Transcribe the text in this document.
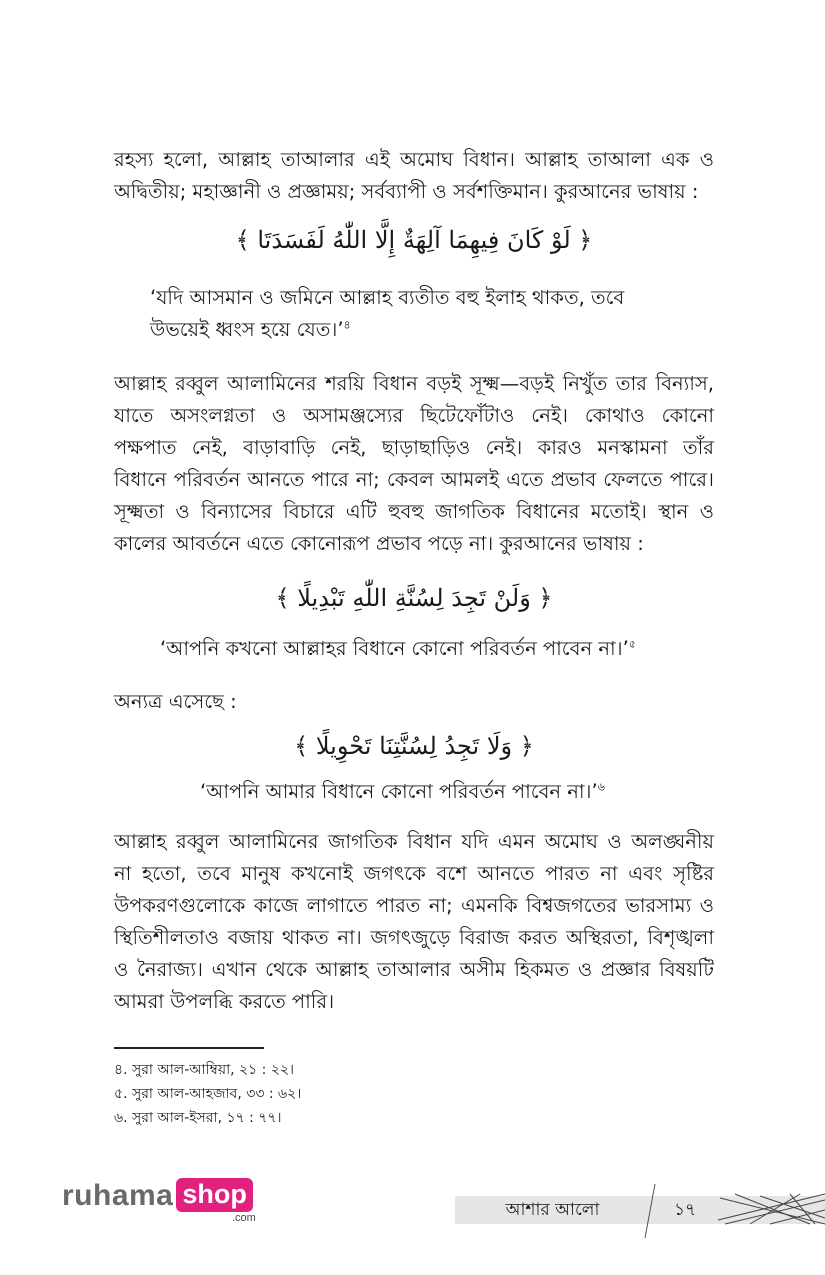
রহস্য হলো, আল্লাহ তাআলার এই অমোঘ বিধান। আল্লাহ তাআলা এক ও
অদ্বিতীয়; মহাজ্ঞানী ও প্রজ্ঞাময়; সর্বব্যাপী ও সর্বশক্তিমান। কুরআনের ভাষায় :
﴿ لَوْ كَانَ فِيهِمَا آلِهَةٌ إِلَّا اللّٰهُ لَفَسَدَتَا ﴾
‘যদি আসমান ও জমিনে আল্লাহ ব্যতীত বহু ইলাহ থাকত, তবে
উভয়েই ধ্বংস হয়ে যেত।’$^৪$
আল্লাহ রব্বুল আলামিনের শরয়ি বিধান বড়ই সূক্ষ্ম—বড়ই নিখুঁত তার বিন্যাস,
যাতে অসংলগ্নতা ও অসামঞ্জস্যের ছিটেফোঁটাও নেই। কোথাও কোনো
পক্ষপাত নেই, বাড়াবাড়ি নেই, ছাড়াছাড়িও নেই। কারও মনস্কামনা তাঁর
বিধানে পরিবর্তন আনতে পারে না; কেবল আমলই এতে প্রভাব ফেলতে পারে।
সূক্ষ্মতা ও বিন্যাসের বিচারে এটি হুবহু জাগতিক বিধানের মতোই। স্থান ও
কালের আবর্তনে এতে কোনোরূপ প্রভাব পড়ে না। কুরআনের ভাষায় :
﴿ وَلَنْ تَجِدَ لِسُنَّةِ اللّٰهِ تَبْدِيلًا ﴾
‘আপনি কখনো আল্লাহর বিধানে কোনো পরিবর্তন পাবেন না।’$^৫$
অন্যত্র এসেছে :
﴿ وَلَا تَجِدُ لِسُنَّتِنَا تَحْوِيلًا ﴾
‘আপনি আমার বিধানে কোনো পরিবর্তন পাবেন না।’$^৬$
আল্লাহ রব্বুল আলামিনের জাগতিক বিধান যদি এমন অমোঘ ও অলঙ্ঘনীয়
না হতো, তবে মানুষ কখনোই জগৎকে বশে আনতে পারত না এবং সৃষ্টির
উপকরণগুলোকে কাজে লাগাতে পারত না; এমনকি বিশ্বজগতের ভারসাম্য ও
স্থিতিশীলতাও বজায় থাকত না। জগৎজুড়ে বিরাজ করত অস্থিরতা, বিশৃঙ্খলা
ও নৈরাজ্য। এখান থেকে আল্লাহ তাআলার অসীম হিকমত ও প্রজ্ঞার বিষয়টি
আমরা উপলব্ধি করতে পারি।
৪. সুরা আল-আম্বিয়া, ২১ : ২২।
৫. সুরা আল-আহজাব, ৩৩ : ৬২।
৬. সুরা আল-ইসরা, ১৭ : ৭৭।
ruhama shop
.com	আশার আলো	১৭
